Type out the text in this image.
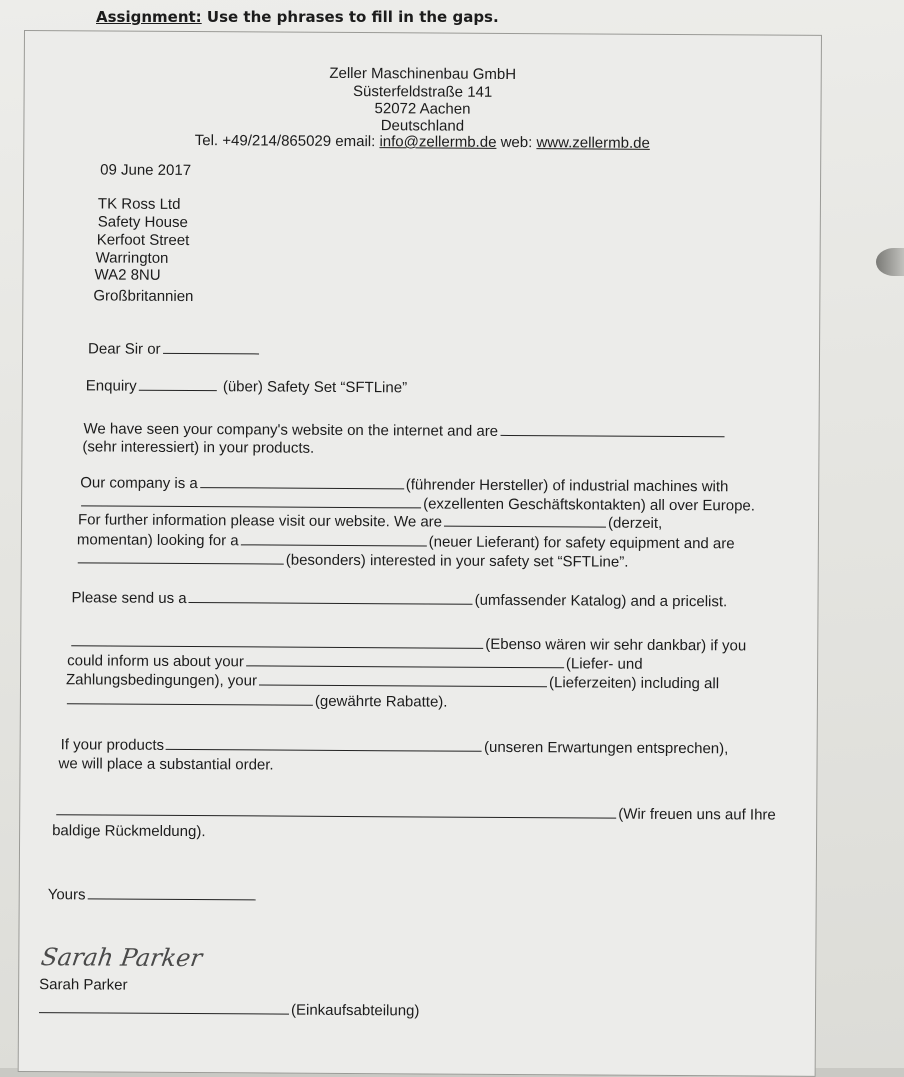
Assignment: Use the phrases to fill in the gaps.
Zeller Maschinenbau GmbH
Süsterfeldstraße 141
52072 Aachen
Deutschland
Tel. +49/214/865029 email: info@zellermb.de web: www.zellermb.de
09 June 2017
TK Ross Ltd
Safety House
Kerfoot Street
Warrington
WA2 8NU
Großbritannien
Dear Sir or
Enquiry	(über) Safety Set “SFTLine”
We have seen your company's website on the internet and are
(sehr interessiert) in your products.
Our company is a	(führender Hersteller) of industrial machines with
(exzellenten Geschäftskontakten) all over Europe.
For further information please visit our website. We are	(derzeit,
momentan) looking for a	(neuer Lieferant) for safety equipment and are
(besonders) interested in your safety set “SFTLine”.
Please send us a	(umfassender Katalog) and a pricelist.
(Ebenso wären wir sehr dankbar) if you
could inform us about your	(Liefer- und
Zahlungsbedingungen), your	(Lieferzeiten) including all
(gewährte Rabatte).
If your products	(unseren Erwartungen entsprechen),
we will place a substantial order.
(Wir freuen uns auf Ihre
baldige Rückmeldung).
Yours
Sarah Parker
Sarah Parker
(Einkaufsabteilung)
